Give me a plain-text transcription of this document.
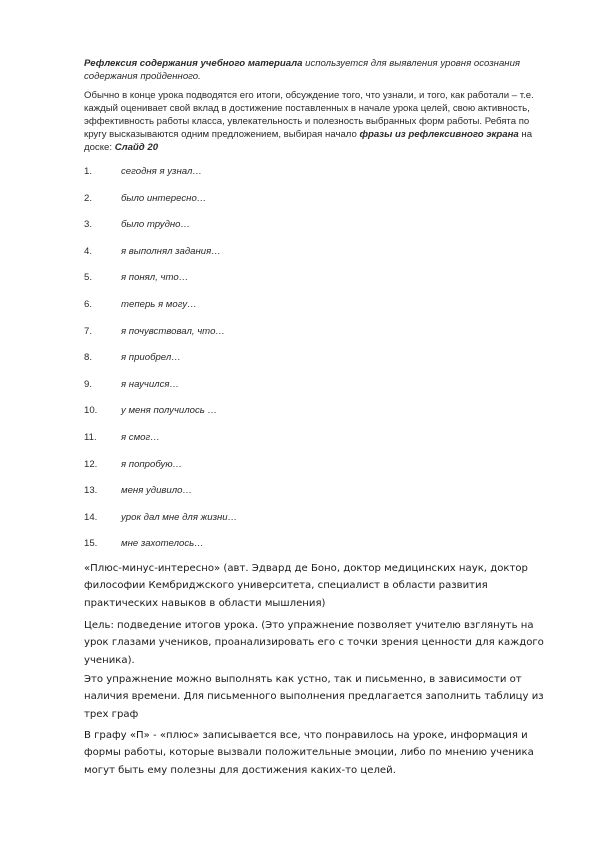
Рефлексия содержания учебного материала используется для выявления уровня осознания содержания пройденного.

Обычно в конце урока подводятся его итоги, обсуждение того, что узнали, и того, как работали – т.е. каждый оценивает свой вклад в достижение поставленных в начале урока целей, свою активность, эффективность работы класса, увлекательность и полезность выбранных форм работы. Ребята по кругу высказываются одним предложением, выбирая начало фразы из рефлексивного экрана на доске: Слайд 20

1.	сегодня я узнал…
2.	было интересно…
3.	было трудно…
4.	я выполнял задания…
5.	я понял, что…
6.	теперь я могу…
7.	я почувствовал, что…
8.	я приобрел…
9.	я научился…
10.	у меня получилось …
11.	я смог…
12.	я попробую…
13.	меня удивило…
14.	урок дал мне для жизни…
15.	мне захотелось…

«Плюс-минус-интересно» (авт. Эдвард де Боно, доктор медицинских наук, доктор философии Кембриджского университета, специалист в области развития практических навыков в области мышления)

Цель: подведение итогов урока. (Это упражнение позволяет учителю взглянуть на урок глазами учеников, проанализировать его с точки зрения ценности для каждого ученика).

Это упражнение можно выполнять как устно, так и письменно, в зависимости от наличия времени. Для письменного выполнения предлагается заполнить таблицу из трех граф

В графу «П» - «плюс» записывается все, что понравилось на уроке, информация и формы работы, которые вызвали положительные эмоции, либо по мнению ученика могут быть ему полезны для достижения каких-то целей.
